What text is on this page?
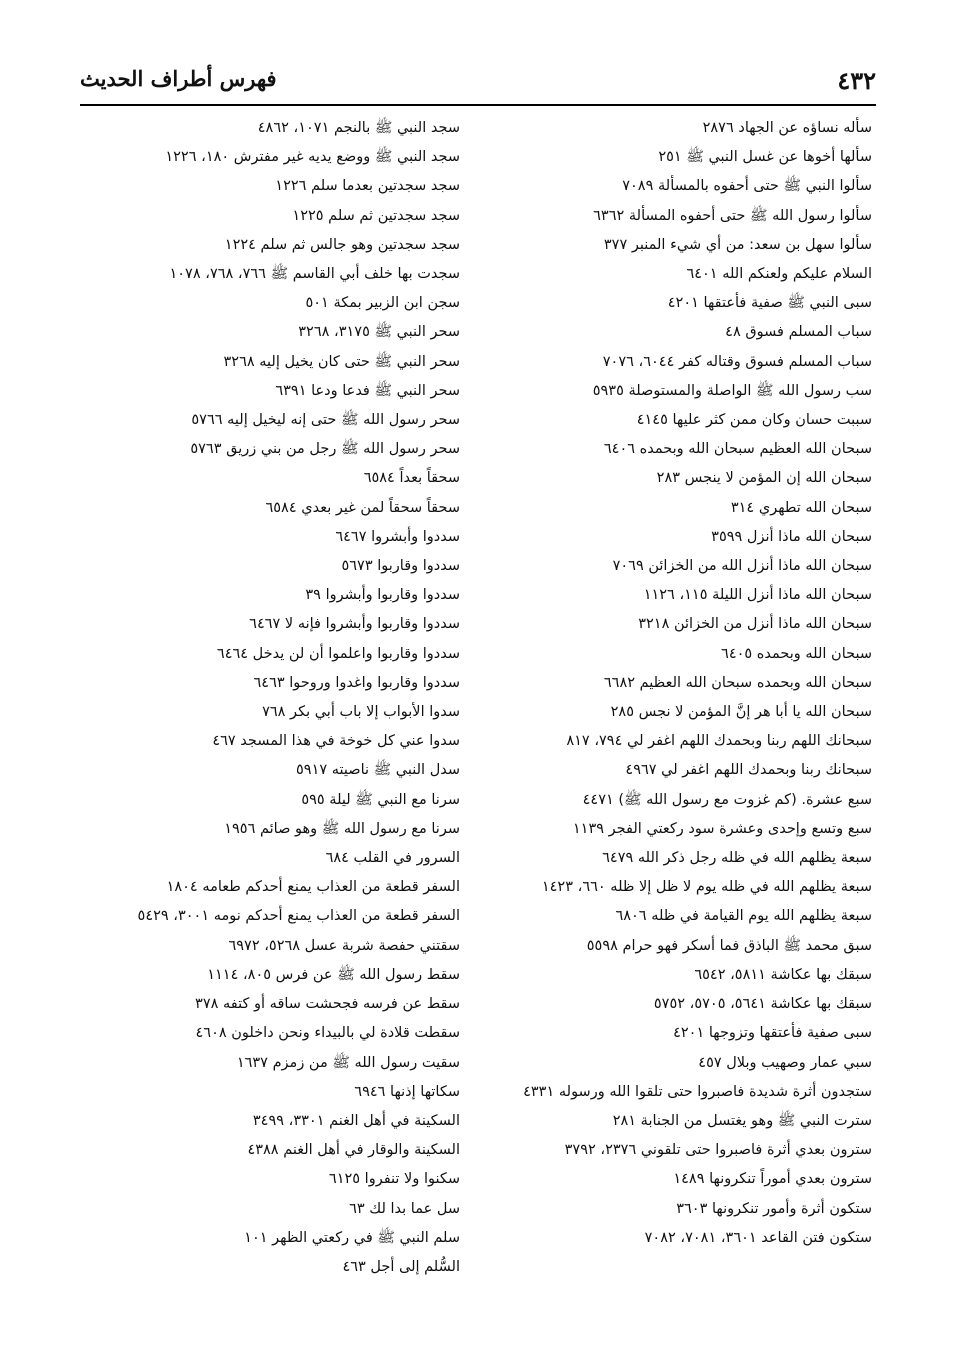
٤٣٢
فهرس أطراف الحديث
سأله نساؤه عن الجهاد ٢٨٧٦
سألها أخوها عن غسل النبي ﷺ ٢٥١
سألوا النبي ﷺ حتى أحفوه بالمسألة ٧٠٨٩
سألوا رسول الله ﷺ حتى أحفوه المسألة ٦٣٦٢
سألوا سهل بن سعد: من أي شيء المنبر ٣٧٧
السلام عليكم ولعنكم الله ٦٤٠١
سبى النبي ﷺ صفية فأعتقها ٤٢٠١
سباب المسلم فسوق ٤٨
سباب المسلم فسوق وقتاله كفر ٦٠٤٤، ٧٠٧٦
سب رسول الله ﷺ الواصلة والمستوصلة ٥٩٣٥
سببت حسان وكان ممن كثر عليها ٤١٤٥
سبحان الله العظيم سبحان الله وبحمده ٦٤٠٦
سبحان الله إن المؤمن لا ينجس ٢٨٣
سبحان الله تطهري ٣١٤
سبحان الله ماذا أنزل ٣٥٩٩
سبحان الله ماذا أنزل الله من الخزائن ٧٠٦٩
سبحان الله ماذا أنزل الليلة ١١٥، ١١٢٦
سبحان الله ماذا أنزل من الخزائن ٣٢١٨
سبحان الله وبحمده ٦٤٠٥
سبحان الله وبحمده سبحان الله العظيم ٦٦٨٢
سبحان الله يا أبا هر إنَّ المؤمن لا نجس ٢٨٥
سبحانك اللهم ربنا وبحمدك اللهم اغفر لي ٧٩٤، ٨١٧
سبحانك ربنا وبحمدك اللهم اغفر لي ٤٩٦٧
سبع عشرة. (كم غزوت مع رسول الله ﷺ) ٤٤٧١
سبع وتسع وإحدى وعشرة سود ركعتي الفجر ١١٣٩
سبعة يظلهم الله في ظله رجل ذكر الله ٦٤٧٩
سبعة يظلهم الله في ظله يوم لا ظل إلا ظله ٦٦٠، ١٤٢٣
سبعة يظلهم الله يوم القيامة في ظله ٦٨٠٦
سبق محمد ﷺ الباذق فما أسكر فهو حرام ٥٥٩٨
سبقك بها عكاشة ٥٨١١، ٦٥٤٢
سبقك بها عكاشة ٥٦٤١، ٥٧٠٥، ٥٧٥٢
سبى صفية فأعتقها وتزوجها ٤٢٠١
سبي عمار وصهيب وبلال ٤٥٧
ستجدون أثرة شديدة فاصبروا حتى تلقوا الله ورسوله ٤٣٣١
سترت النبي ﷺ وهو يغتسل من الجنابة ٢٨١
سترون بعدي أثرة فاصبروا حتى تلقوني ٢٣٧٦، ٣٧٩٢
سترون بعدي أموراً تنكرونها ١٤٨٩
ستكون أثرة وأمور تنكرونها ٣٦٠٣
ستكون فتن القاعد ٣٦٠١، ٧٠٨١، ٧٠٨٢
سجد النبي ﷺ بالنجم ١٠٧١، ٤٨٦٢
سجد النبي ﷺ ووضع يديه غير مفترش ١٨٠، ١٢٢٦
سجد سجدتين بعدما سلم ١٢٢٦
سجد سجدتين ثم سلم ١٢٢٥
سجد سجدتين وهو جالس ثم سلم ١٢٢٤
سجدت بها خلف أبي القاسم ﷺ ٧٦٦، ٧٦٨، ١٠٧٨
سجن ابن الزبير بمكة ٥٠١
سحر النبي ﷺ ٣١٧٥، ٣٢٦٨
سحر النبي ﷺ حتى كان يخيل إليه ٣٢٦٨
سحر النبي ﷺ فدعا ودعا ٦٣٩١
سحر رسول الله ﷺ حتى إنه ليخيل إليه ٥٧٦٦
سحر رسول الله ﷺ رجل من بني زريق ٥٧٦٣
سحقاً بعداً ٦٥٨٤
سحقاً سحقاً لمن غير بعدي ٦٥٨٤
سددوا وأبشروا ٦٤٦٧
سددوا وقاربوا ٥٦٧٣
سددوا وقاربوا وأبشروا ٣٩
سددوا وقاربوا وأبشروا فإنه لا ٦٤٦٧
سددوا وقاربوا واعلموا أن لن يدخل ٦٤٦٤
سددوا وقاربوا واغدوا وروحوا ٦٤٦٣
سدوا الأبواب إلا باب أبي بكر ٧٦٨
سدوا عني كل خوخة في هذا المسجد ٤٦٧
سدل النبي ﷺ ناصيته ٥٩١٧
سرنا مع النبي ﷺ ليلة ٥٩٥
سرنا مع رسول الله ﷺ وهو صائم ١٩٥٦
السرور في القلب ٦٨٤
السفر قطعة من العذاب يمنع أحدكم طعامه ١٨٠٤
السفر قطعة من العذاب يمنع أحدكم نومه ٣٠٠١، ٥٤٢٩
سقتني حفصة شربة عسل ٥٢٦٨، ٦٩٧٢
سقط رسول الله ﷺ عن فرس ٨٠٥، ١١١٤
سقط عن فرسه فجحشت ساقه أو كتفه ٣٧٨
سقطت قلادة لي بالبيداء ونحن داخلون ٤٦٠٨
سقيت رسول الله ﷺ من زمزم ١٦٣٧
سكاتها إذنها ٦٩٤٦
السكينة في أهل الغنم ٣٣٠١، ٣٤٩٩
السكينة والوقار في أهل الغنم ٤٣٨٨
سكنوا ولا تنفروا ٦١٢٥
سل عما بدا لك ٦٣
سلم النبي ﷺ في ركعتي الظهر ١٠١
السُّلم إلى أجل ٤٦٣
